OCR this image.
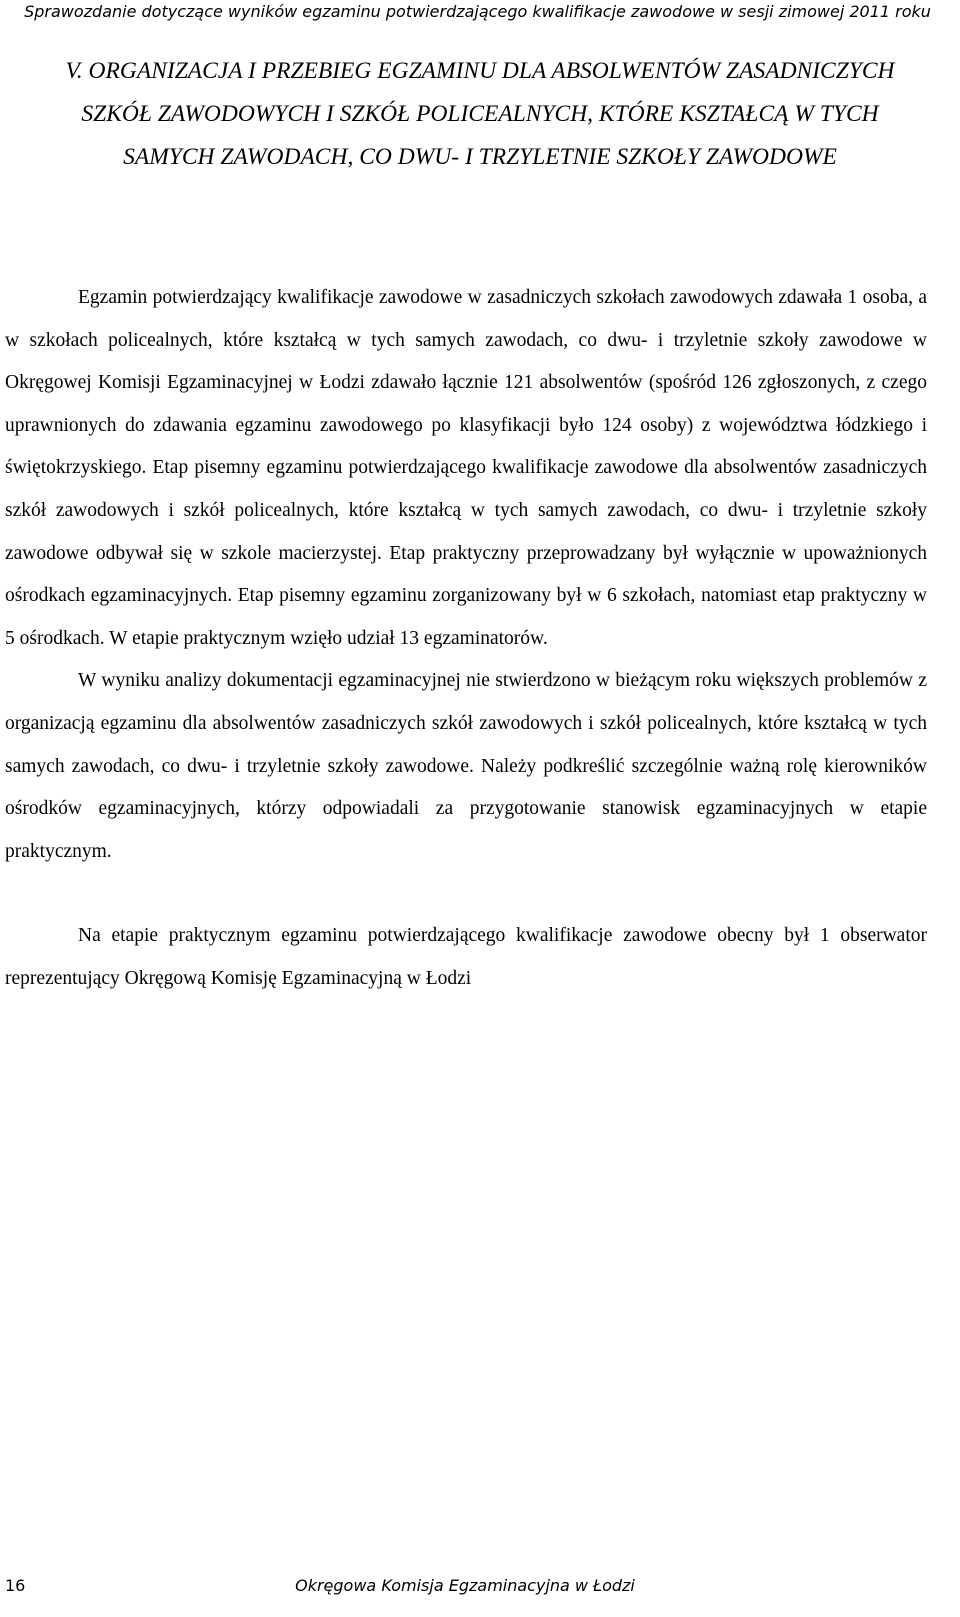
Sprawozdanie dotyczące wyników egzaminu potwierdzającego kwalifikacje zawodowe w sesji zimowej 2011 roku
V. ORGANIZACJA I PRZEBIEG EGZAMINU DLA ABSOLWENTÓW ZASADNICZYCH SZKÓŁ ZAWODOWYCH I SZKÓŁ POLICEALNYCH, KTÓRE KSZTAŁCĄ W TYCH SAMYCH ZAWODACH, CO DWU- I TRZYLETNIE SZKOŁY ZAWODOWE

Egzamin potwierdzający kwalifikacje zawodowe w zasadniczych szkołach zawodowych zdawała 1 osoba, a w szkołach policealnych, które kształcą w tych samych zawodach, co dwu- i trzyletnie szkoły zawodowe w Okręgowej Komisji Egzaminacyjnej w Łodzi zdawało łącznie 121 absolwentów (spośród 126 zgłoszonych, z czego uprawnionych do zdawania egzaminu zawodowego po klasyfikacji było 124 osoby) z województwa łódzkiego i świętokrzyskiego. Etap pisemny egzaminu potwierdzającego kwalifikacje zawodowe dla absolwentów zasadniczych szkół zawodowych i szkół policealnych, które kształcą w tych samych zawodach, co dwu- i trzyletnie szkoły zawodowe odbywał się w szkole macierzystej. Etap praktyczny przeprowadzany był wyłącznie w upoważnionych ośrodkach egzaminacyjnych. Etap pisemny egzaminu zorganizowany był w 6 szkołach, natomiast etap praktyczny w 5 ośrodkach. W etapie praktycznym wzięło udział 13 egzaminatorów.

W wyniku analizy dokumentacji egzaminacyjnej nie stwierdzono w bieżącym roku większych problemów z organizacją egzaminu dla absolwentów zasadniczych szkół zawodowych i szkół policealnych, które kształcą w tych samych zawodach, co dwu- i trzyletnie szkoły zawodowe. Należy podkreślić szczególnie ważną rolę kierowników ośrodków egzaminacyjnych, którzy odpowiadali za przygotowanie stanowisk egzaminacyjnych w etapie praktycznym.

Na etapie praktycznym egzaminu potwierdzającego kwalifikacje zawodowe obecny był 1 obserwator reprezentujący Okręgową Komisję Egzaminacyjną w Łodzi

16	Okręgowa Komisja Egzaminacyjna w Łodzi
